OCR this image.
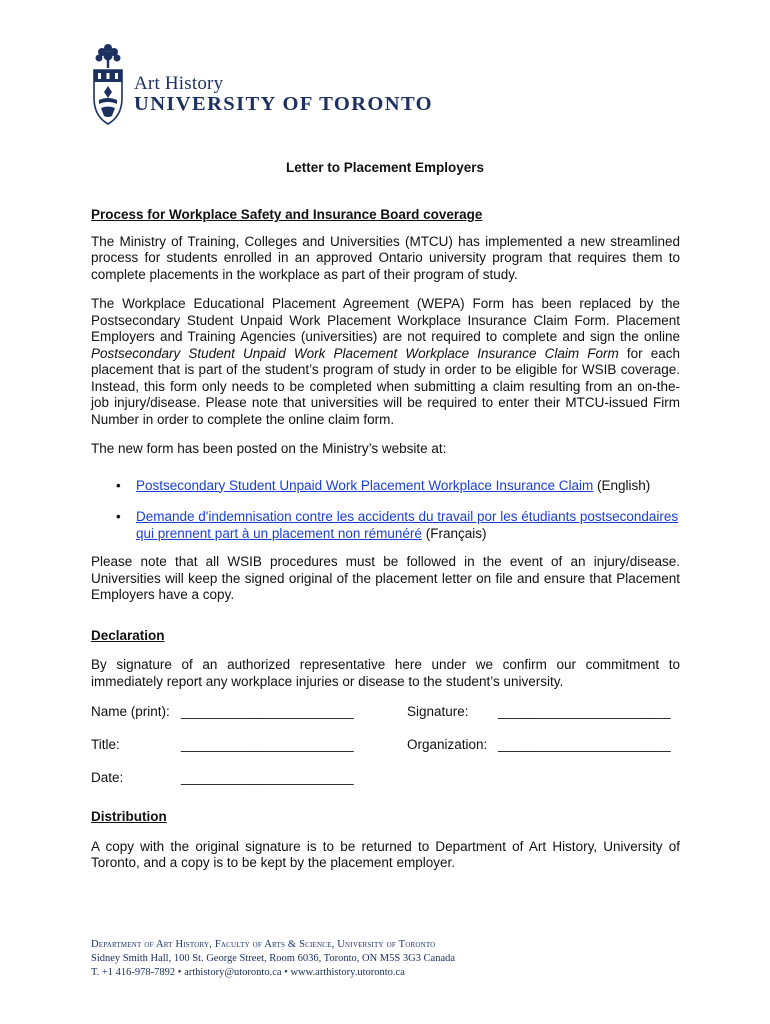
Art History
UNIVERSITY OF TORONTO
Letter to Placement Employers
Process for Workplace Safety and Insurance Board coverage

The Ministry of Training, Colleges and Universities (MTCU) has implemented a new streamlined process for students enrolled in an approved Ontario university program that requires them to complete placements in the workplace as part of their program of study.

The Workplace Educational Placement Agreement (WEPA) Form has been replaced by the Postsecondary Student Unpaid Work Placement Workplace Insurance Claim Form. Placement Employers and Training Agencies (universities) are not required to complete and sign the online Postsecondary Student Unpaid Work Placement Workplace Insurance Claim Form for each placement that is part of the student’s program of study in order to be eligible for WSIB coverage. Instead, this form only needs to be completed when submitting a claim resulting from an on-the-job injury/disease. Please note that universities will be required to enter their MTCU-issued Firm Number in order to complete the online claim form.

The new form has been posted on the Ministry’s website at:

• Postsecondary Student Unpaid Work Placement Workplace Insurance Claim (English)
• Demande d'indemnisation contre les accidents du travail por les étudiants postsecondaires qui prennent part à un placement non rémunéré (Français)

Please note that all WSIB procedures must be followed in the event of an injury/disease. Universities will keep the signed original of the placement letter on file and ensure that Placement Employers have a copy.

Declaration

By signature of an authorized representative here under we confirm our commitment to immediately report any workplace injuries or disease to the student’s university.

Name (print): _______________________	Signature: _______________________
Title:	_______________________	Organization: _______________________
Date:	_______________________
Distribution

A copy with the original signature is to be returned to Department of Art History, University of Toronto, and a copy is to be kept by the placement employer.

Department of Art History, Faculty of Arts & Science, University of Toronto
Sidney Smith Hall, 100 St. George Street, Room 6036, Toronto, ON M5S 3G3 Canada
T. +1 416-978-7892 • arthistory@utoronto.ca • www.arthistory.utoronto.ca
